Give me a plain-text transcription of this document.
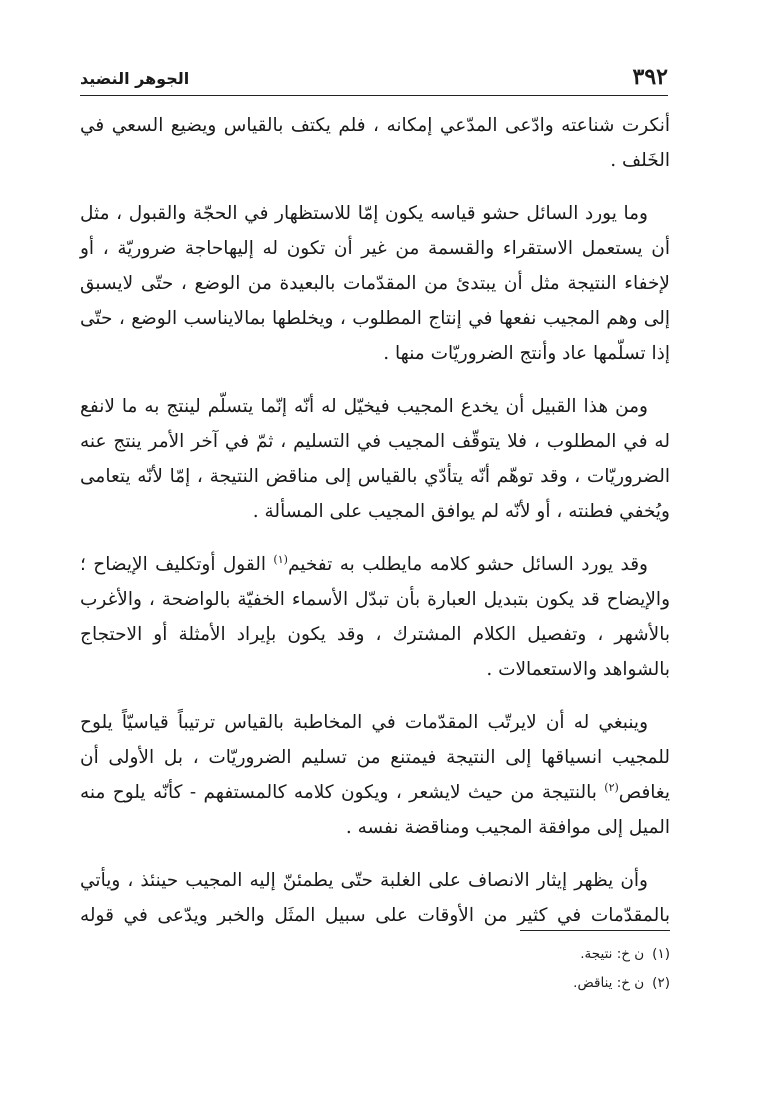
٣٩٢
الجوهر النضيد

أنكرت شناعته وادّعى المدّعي إمكانه ، فلم يكتف بالقياس ويضيع السعي في الخَلف .

وما يورد السائل حشو قياسه يكون إمّا للاستظهار في الحجّة والقبول ، مثل أن يستعمل الاستقراء والقسمة من غير أن تكون له إليهاحاجة ضروريّة ، أو لإخفاء النتيجة مثل أن يبتدئ من المقدّمات بالبعيدة من الوضع ، حتّى لايسبق إلى وهم المجيب نفعها في إنتاج المطلوب ، ويخلطها بمالايناسب الوضع ، حتّى إذا تسلّمها عاد وأنتج الضروريّات منها .

ومن هذا القبيل أن يخدع المجيب فيخيّل له أنّه إنّما يتسلّم لينتج به ما لانفع له في المطلوب ، فلا يتوقّف المجيب في التسليم ، ثمّ في آخر الأمر ينتج عنه الضروريّات ، وقد توهّم أنّه يتأدّي بالقياس إلى مناقض النتيجة ، إمّا لأنّه يتعامى ويُخفي فطنته ، أو لأنّه لم يوافق المجيب على المسألة .

وقد يورد السائل حشو كلامه مايطلب به تفخيم$^{(١)}$ القول أوتكليف الإيضاح ؛ والإيضاح قد يكون بتبديل العبارة بأن تبدّل الأسماء الخفيّة بالواضحة ، والأغرب بالأشهر ، وتفصيل الكلام المشترك ، وقد يكون بإيراد الأمثلة أو الاحتجاج بالشواهد والاستعمالات .

وينبغي له أن لايرتّب المقدّمات في المخاطبة بالقياس ترتيباً قياسيّاً يلوح للمجيب انسياقها إلى النتيجة فيمتنع من تسليم الضروريّات ، بل الأولى أن يغافص$^{(٢)}$ بالنتيجة من حيث لايشعر ، ويكون كلامه كالمستفهم - كأنّه يلوح منه الميل إلى موافقة المجيب ومناقضة نفسه .

وأن يظهر إيثار الانصاف على الغلبة حتّى يطمئنّ إليه المجيب حينئذ ، ويأتي بالمقدّمات في كثير من الأوقات على سبيل المثَل والخبر ويدّعى في قوله

(١)ن خ: نتيجة.

(٢)ن خ: يناقض.
